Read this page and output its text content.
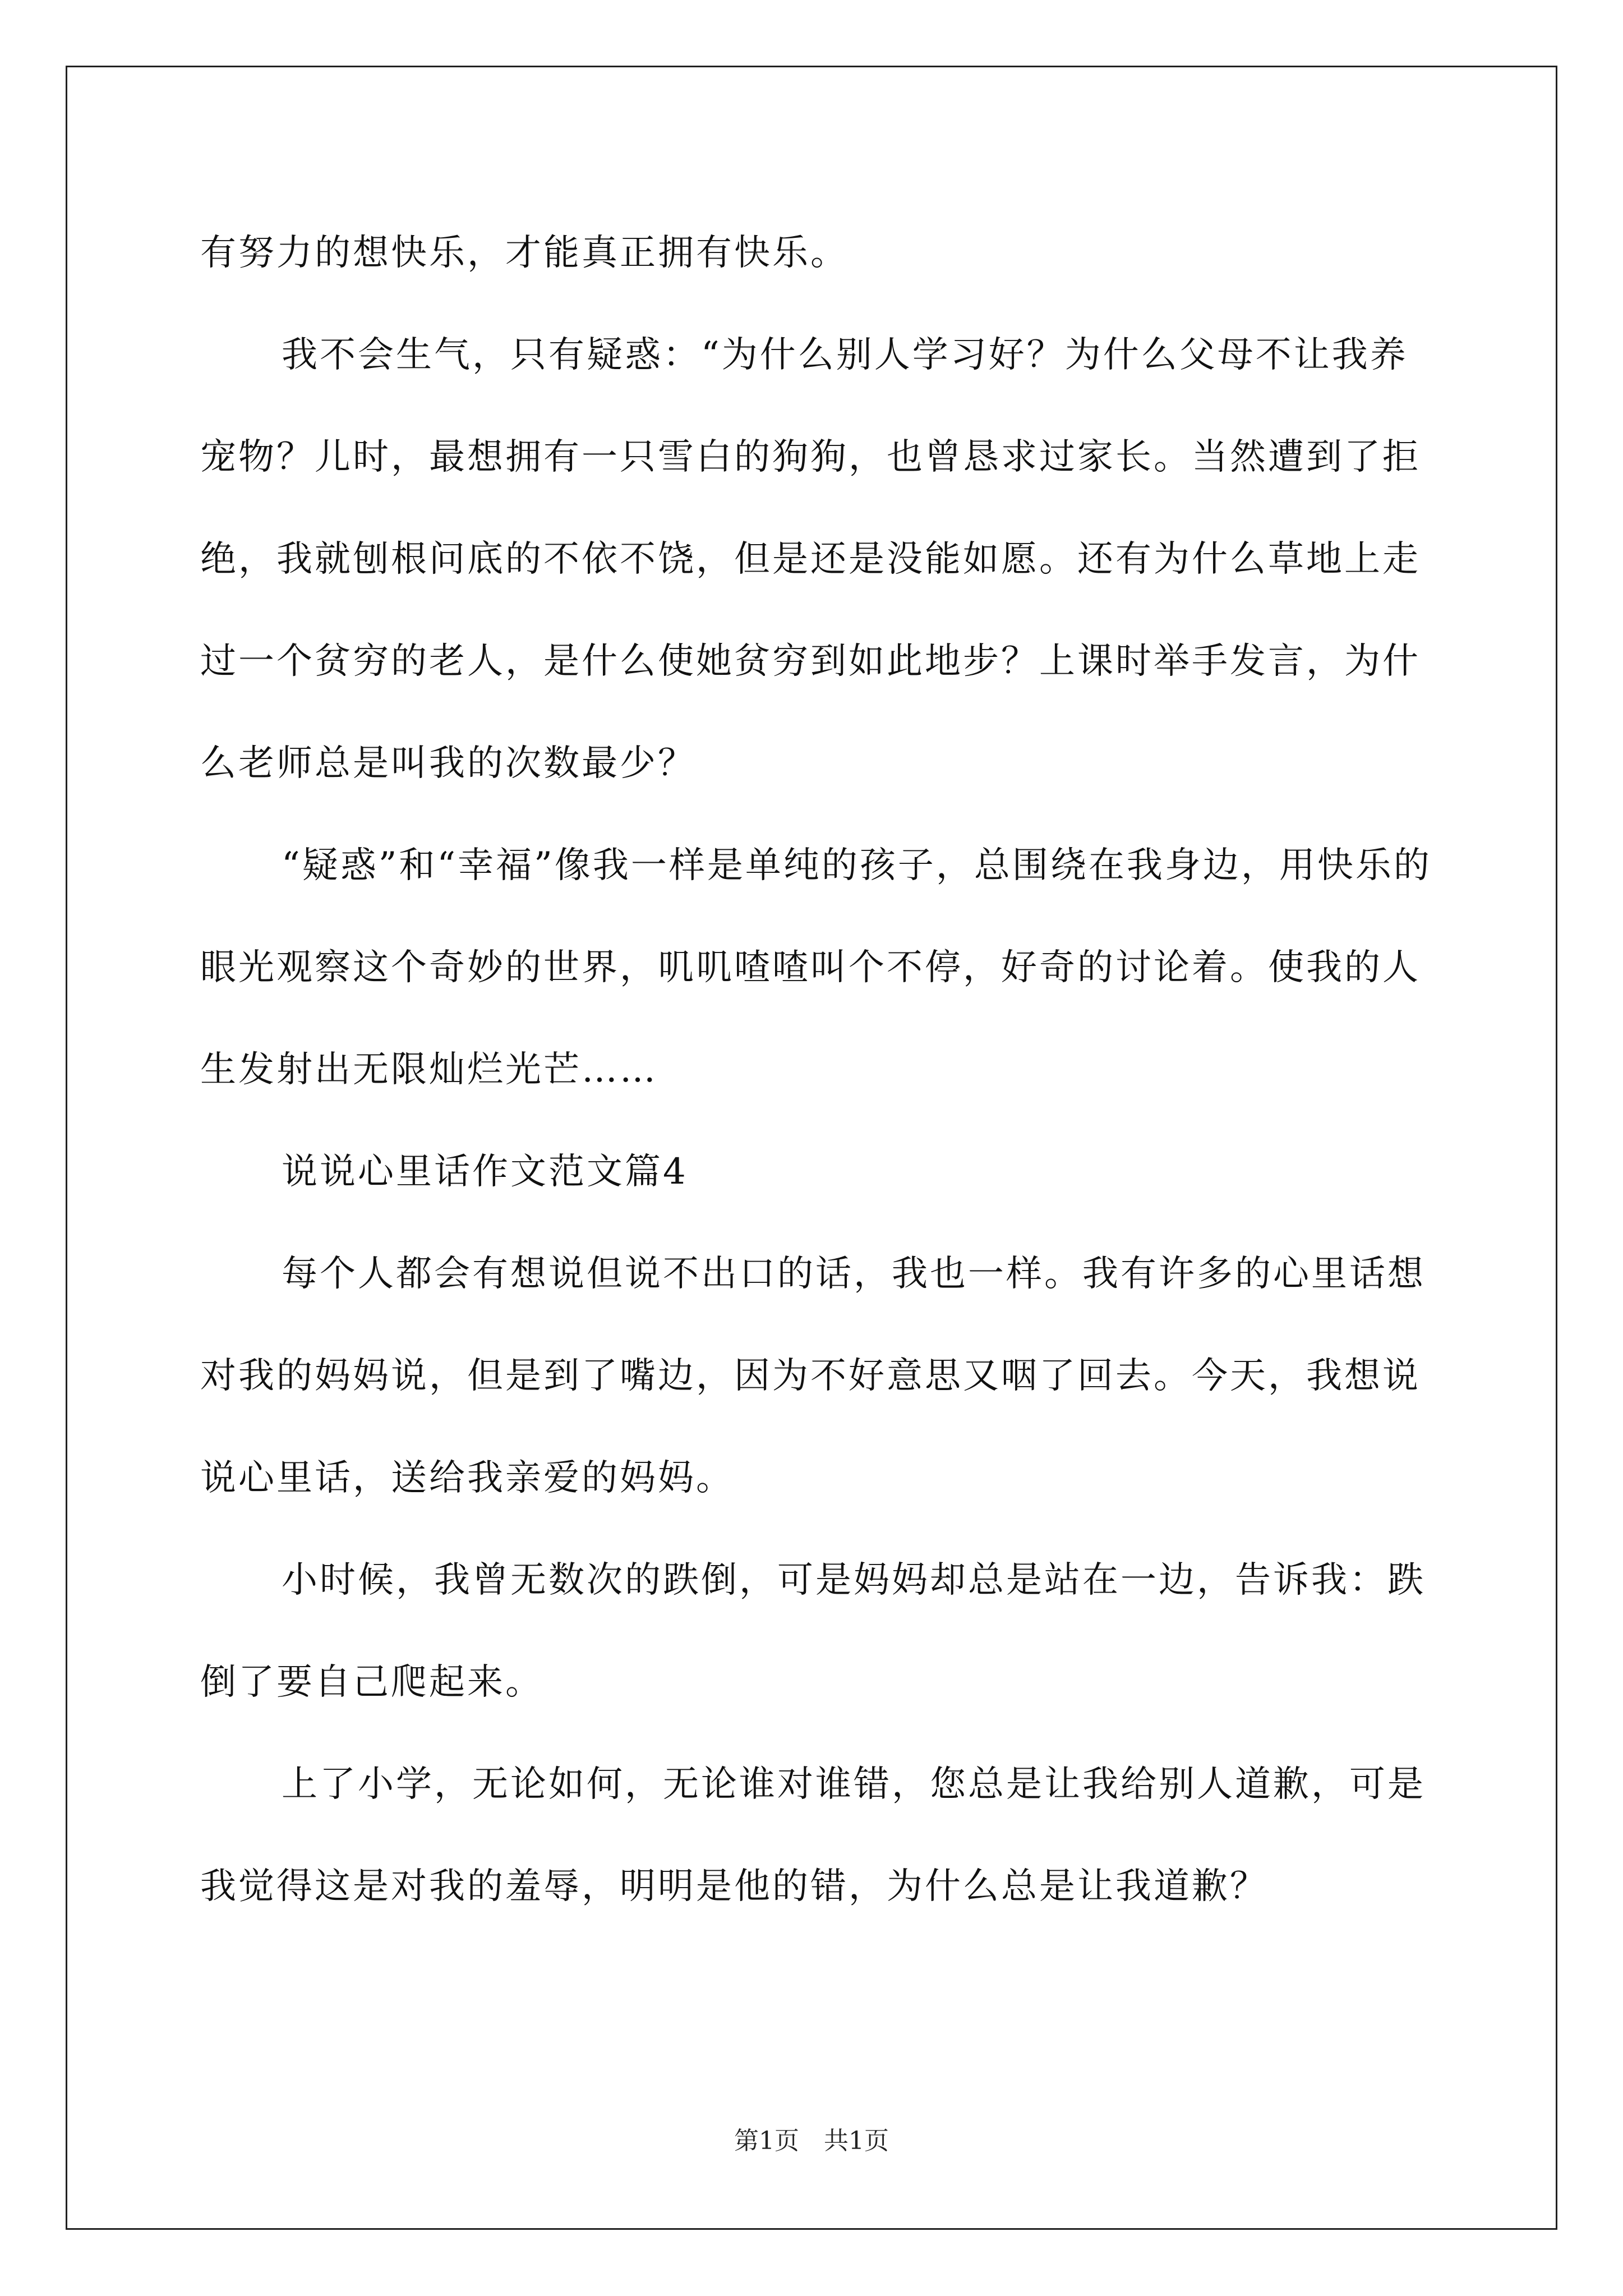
有努力的想快乐，才能真正拥有快乐。

我不会生气，只有疑惑：“为什么别人学习好？为什么父母不让我养宠物？儿时，最想拥有一只雪白的狗狗，也曾恳求过家长。当然遭到了拒绝，我就刨根问底的不依不饶，但是还是没能如愿。还有为什么草地上走过一个贫穷的老人，是什么使她贫穷到如此地步？上课时举手发言，为什么老师总是叫我的次数最少？

“疑惑”和“幸福”像我一样是单纯的孩子，总围绕在我身边，用快乐的眼光观察这个奇妙的世界，叽叽喳喳叫个不停，好奇的讨论着。使我的人生发射出无限灿烂光芒……

说说心里话作文范文篇4

每个人都会有想说但说不出口的话，我也一样。我有许多的心里话想对我的妈妈说，但是到了嘴边，因为不好意思又咽了回去。今天，我想说说心里话，送给我亲爱的妈妈。

小时候，我曾无数次的跌倒，可是妈妈却总是站在一边，告诉我：跌倒了要自己爬起来。

上了小学，无论如何，无论谁对谁错，您总是让我给别人道歉，可是我觉得这是对我的羞辱，明明是他的错，为什么总是让我道歉？

第1页　共1页
